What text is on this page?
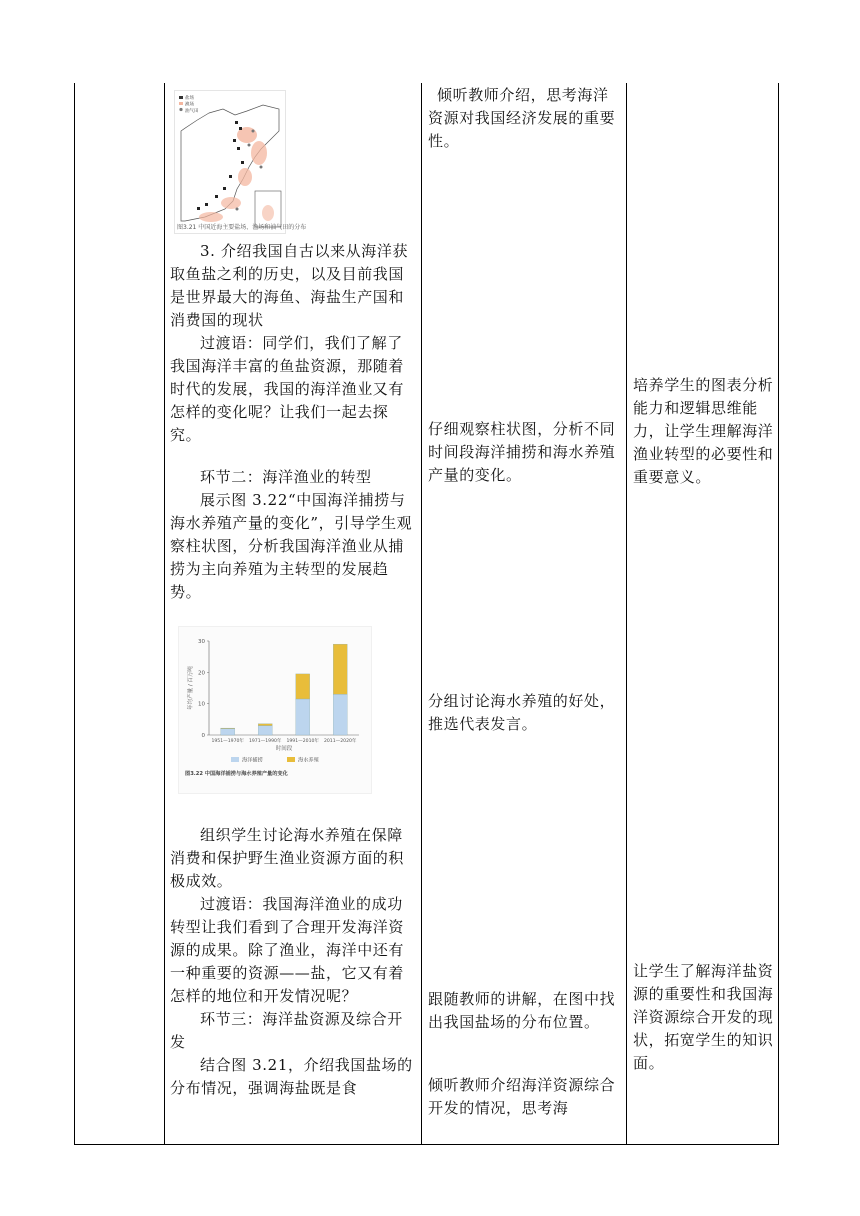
盐场
渔场
油气田
图3.21 中国近海主要盐场、渔场和油气田的分布

3. 介绍我国自古以来从海洋获取鱼盐之利的历史，以及目前我国是世界最大的海鱼、海盐生产国和消费国的现状

过渡语：同学们，我们了解了我国海洋丰富的鱼盐资源，那随着时代的发展，我国的海洋渔业又有怎样的变化呢？让我们一起去探究。

环节二：海洋渔业的转型

展示图 3.22“中国海洋捕捞与海水养殖产量的变化”，引导学生观察柱状图，分析我国海洋渔业从捕捞为主向养殖为主转型的发展趋势。

0
10
20
30
年均产量 / 百万吨
1951—1970年 1971—1990年 1991—2010年 2011—2020年
时间段
海洋捕捞	海水养殖
图3.22 中国海洋捕捞与海水养殖产量的变化

组织学生讨论海水养殖在保障消费和保护野生渔业资源方面的积极成效。

过渡语：我国海洋渔业的成功转型让我们看到了合理开发海洋资源的成果。除了渔业，海洋中还有一种重要的资源——盐，它又有着怎样的地位和开发情况呢？

环节三：海洋盐资源及综合开发

结合图 3.21，介绍我国盐场的分布情况，强调海盐既是食

倾听教师介绍，思考海洋资源对我国经济发展的重要性。

仔细观察柱状图，分析不同时间段海洋捕捞和海水养殖产量的变化。

分组讨论海水养殖的好处，推选代表发言。

跟随教师的讲解，在图中找出我国盐场的分布位置。

倾听教师介绍海洋资源综合开发的情况，思考海

培养学生的图表分析能力和逻辑思维能力，让学生理解海洋渔业转型的必要性和重要意义。

让学生了解海洋盐资源的重要性和我国海洋资源综合开发的现状，拓宽学生的知识面。
